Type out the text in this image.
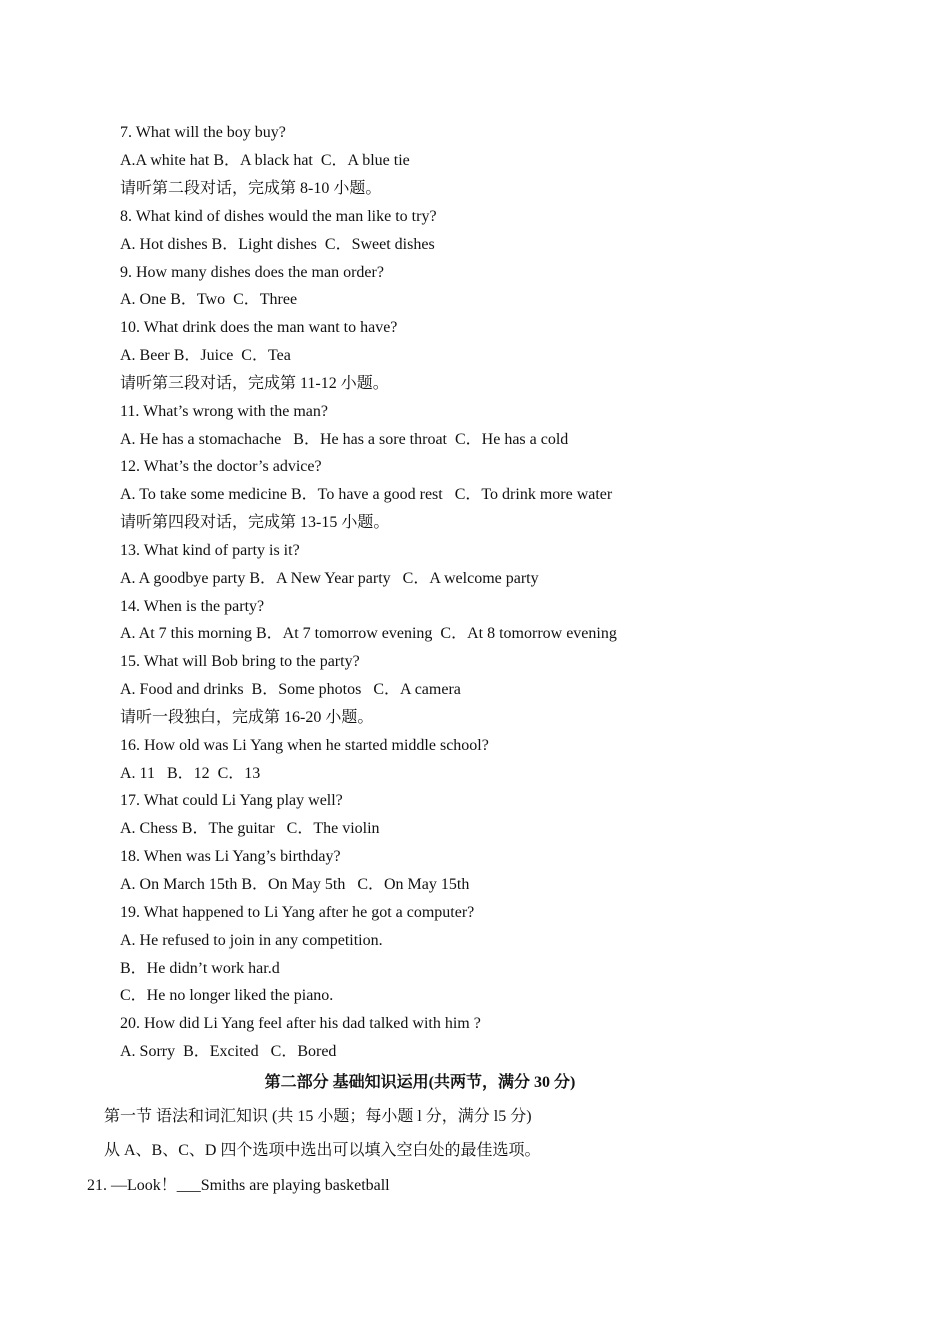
7. What will the boy buy?
A.A white hat B．A black hat  C．A blue tie
请听第二段对话，完成第 8-10 小题。
8. What kind of dishes would the man like to try?
A. Hot dishes B．Light dishes  C．Sweet dishes
9. How many dishes does the man order?
A. One B．Two  C．Three
10. What drink does the man want to have?
A. Beer B．Juice  C．Tea
请听第三段对话，完成第 11-12 小题。
11. What’s wrong with the man?
A. He has a stomachache   B．He has a sore throat  C．He has a cold
12. What’s the doctor’s advice?
A. To take some medicine B．To have a good rest   C．To drink more water
请听第四段对话，完成第 13-15 小题。
13. What kind of party is it?
A. A goodbye party B．A New Year party   C．A welcome party
14. When is the party?
A. At 7 this morning B．At 7 tomorrow evening  C．At 8 tomorrow evening
15. What will Bob bring to the party?
A. Food and drinks  B．Some photos   C．A camera
请听一段独白，完成第 16-20 小题。
16. How old was Li Yang when he started middle school?
A. 11   B．12  C．13
17. What could Li Yang play well?
A. Chess B．The guitar   C．The violin
18. When was Li Yang’s birthday?
A. On March 15th B．On May 5th   C．On May 15th
19. What happened to Li Yang after he got a computer?
A. He refused to join in any competition.
B．He didn’t work har.d
C．He no longer liked the piano.
20. How did Li Yang feel after his dad talked with him ?
A. Sorry  B．Excited   C．Bored
第二部分 基础知识运用(共两节，满分 30 分)
第一节 语法和词汇知识 (共 15 小题；每小题 l 分，满分 l5 分)
从 A、B、C、D 四个选项中选出可以填入空白处的最佳选项。
21. —Look！___Smiths are playing basketball
